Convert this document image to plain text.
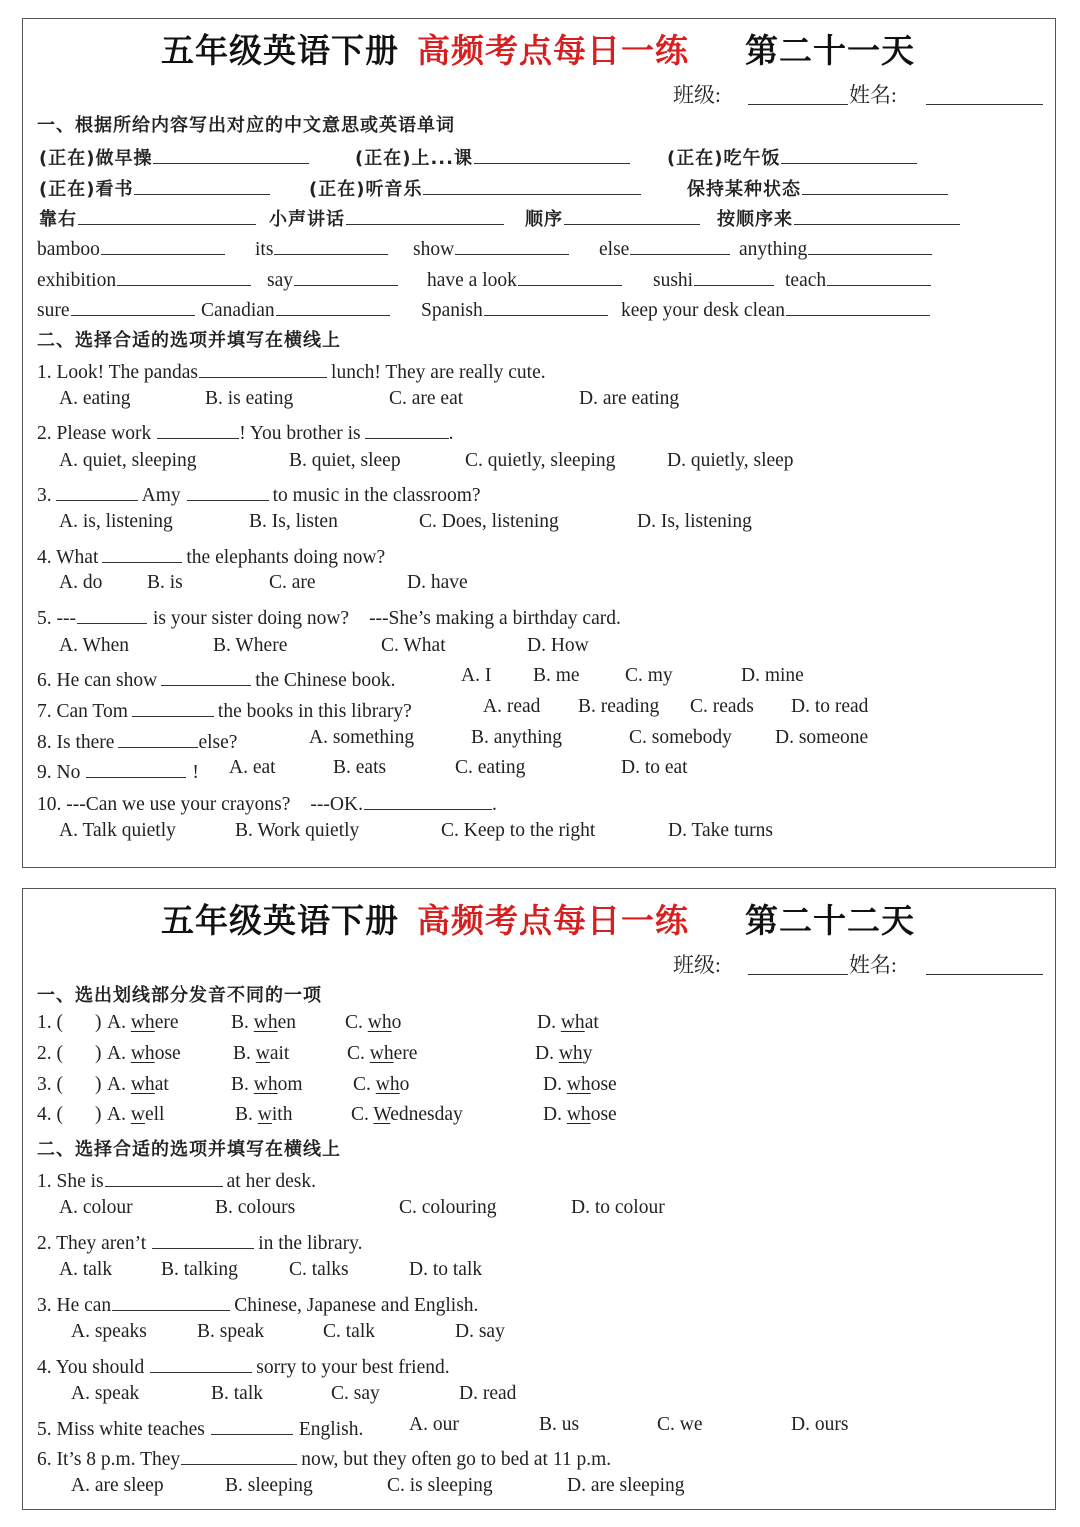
五年级英语下册 高频考点每日一练 第二十一天
班级:	姓名:
一、根据所给内容写出对应的中文意思或英语单词
(正在)做早操	(正在)上...课	(正在)吃午饭
(正在)看书	(正在)听音乐	保持某种状态
靠右	小声讲话	顺序	按顺序来
bamboo	its	show	else	anything
exhibition	say	have a look	sushi	teach
sure	Canadian	Spanish	keep your desk clean
二、选择合适的选项并填写在横线上
1. Look! The pandas	lunch! They are really cute.
A. eating	B. is eating	C. are eat	D. are eating
2. Please work	! You brother is	.
A. quiet, sleeping	B. quiet, sleep	C. quietly, sleeping	D. quietly, sleep
3.	Amy	to music in the classroom?
A. is, listening	B. Is, listen	C. Does, listening	D. Is, listening
4. What	the elephants doing now?
A. do B. is	C. are	D. have
5. ---	is your sister doing now? ---She’s making a birthday card.
A. When	B. Where	C. What	D. How
6. He can show	the Chinese book.	A. I B. me C. my	D. mine
7. Can Tom	the books in this library?	A. read B. reading C. reads D. to read
8. Is there	else?	A. something	B. anything	C. somebody D. someone
9. No	! A. eat	B. eats	C. eating	D. to eat
10. ---Can we use your crayons? ---OK.	.
A. Talk quietly	B. Work quietly	C. Keep to the right	D. Take turns
五年级英语下册 高频考点每日一练 第二十二天
班级:	姓名:
一、选出划线部分发音不同的一项
1. ( ) A. where	B. when	C. who	D. what
2. ( ) A. whose	B. wait	C. where	D. why
3. ( ) A. what	B. whom	C. who	D. whose
4. ( ) A. well	B. with	C. Wednesday	D. whose
二、选择合适的选项并填写在横线上
1. She is	at her desk.
A. colour	B. colours	C. colouring	D. to colour
2. They aren’t	in the library.
A. talk	B. talking	C. talks	D. to talk
3. He can	Chinese, Japanese and English.
A. speaks	B. speak	C. talk	D. say
4. You should	sorry to your best friend.
A. speak	B. talk	C. say	D. read
5. Miss white teaches	English. A. our	B. us	C. we	D. ours
6. It’s 8 p.m. They	now, but they often go to bed at 11 p.m.
A. are sleep	B. sleeping	C. is sleeping	D. are sleeping
